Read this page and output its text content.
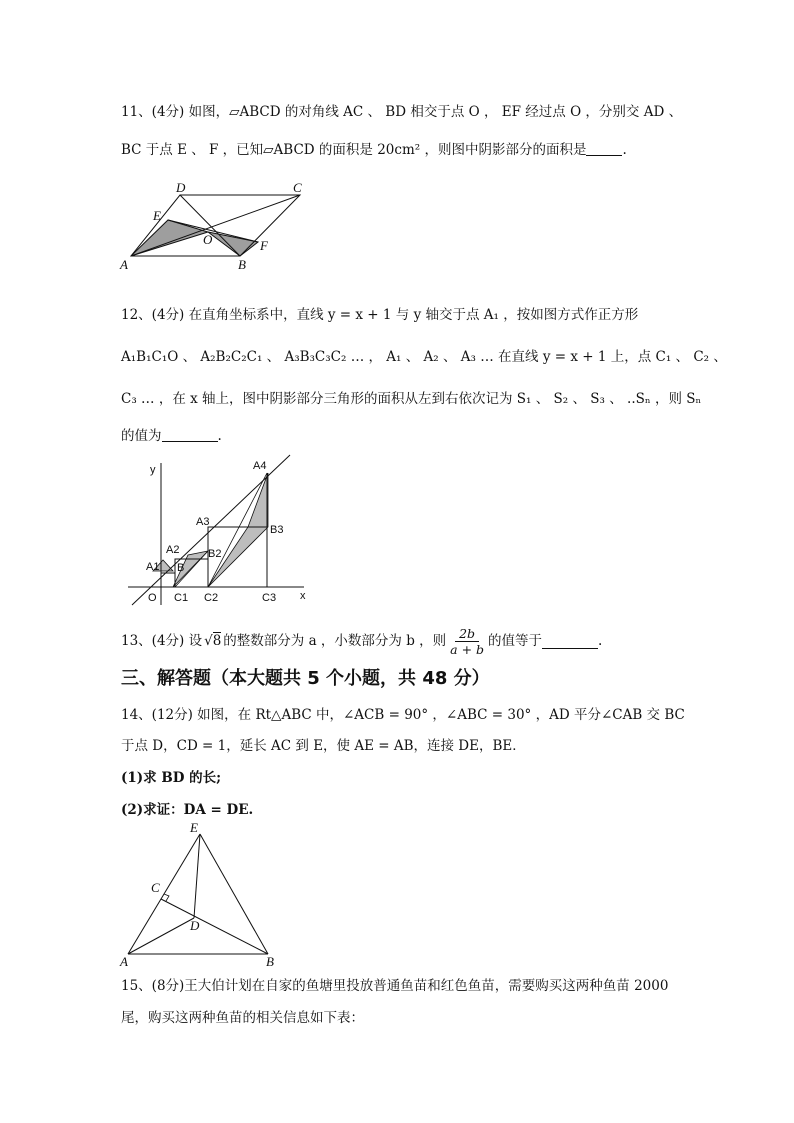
11、(4分) 如图，▱ABCD 的对角线 AC 、 BD 相交于点 O ， EF 经过点 O ，分别交 AD 、
BC 于点 E 、 F ，已知▱ABCD 的面积是 20cm² ，则图中阴影部分的面积是	.
D	C
E
O	F
A	B
12、(4分) 在直角坐标系中，直线 y = x + 1 与 y 轴交于点 A₁ ，按如图方式作正方形
A₁B₁C₁O 、 A₂B₂C₂C₁ 、 A₃B₃C₃C₂ … ， A₁ 、 A₂ 、 A₃ … 在直线 y = x + 1 上，点 C₁ 、 C₂ 、
C₃ … ，在 x 轴上，图中阴影部分三角形的面积从左到右依次记为 S₁ 、 S₂ 、 S₃ 、 ..Sₙ ，则 Sₙ
的值为	.
y	A4
A3
B3
A2	B2
A1 B
O C1 C2	C3 x
13、(4分) 设 √8 的整数部分为 a ，小数部分为 b ，则 $\frac{2b}{a + b}$ 的值等于	.
三、解答题（本大题共 5 个小题，共 48 分）
14、(12分) 如图，在 Rt△ABC 中，∠ACB = 90° ，∠ABC = 30° ，AD 平分∠CAB 交 BC
于点 D，CD = 1，延长 AC 到 E，使 AE = AB，连接 DE，BE．
(1)求 BD 的长;
(2)求证：DA = DE.
E
C
D
A	B
15、(8分)王大伯计划在自家的鱼塘里投放普通鱼苗和红色鱼苗，需要购买这两种鱼苗 2000
尾，购买这两种鱼苗的相关信息如下表：
